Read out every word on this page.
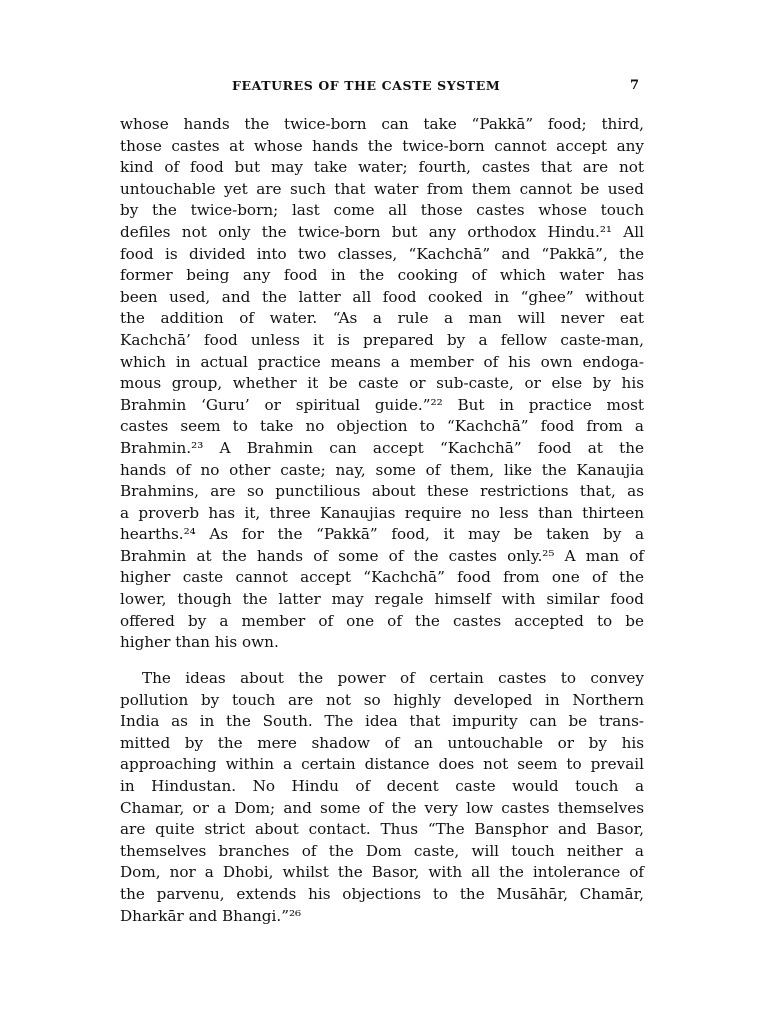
FEATURES OF THE CASTE SYSTEM	7
whose hands the twice-born can take “Pakkā” food; third,
those castes at whose hands the twice-born cannot accept any
kind of food but may take water; fourth, castes that are not
untouchable yet are such that water from them cannot be used
by the twice-born; last come all those castes whose touch
defiles not only the twice-born but any orthodox Hindu.²¹ All
food is divided into two classes, “Kachchā” and “Pakkā”, the
former being any food in the cooking of which water has
been used, and the latter all food cooked in “ghee” without
the addition of water. “As a rule a man will never eat
Kachchā’ food unless it is prepared by a fellow caste-man,
which in actual practice means a member of his own endoga-
mous group, whether it be caste or sub-caste, or else by his
Brahmin ‘Guru’ or spiritual guide.”²² But in practice most
castes seem to take no objection to “Kachchā” food from a
Brahmin.²³ A Brahmin can accept “Kachchā” food at the
hands of no other caste; nay, some of them, like the Kanaujia
Brahmins, are so punctilious about these restrictions that, as
a proverb has it, three Kanaujias require no less than thirteen
hearths.²⁴ As for the “Pakkā” food, it may be taken by a
Brahmin at the hands of some of the castes only.²⁵ A man of
higher caste cannot accept “Kachchā” food from one of the
lower, though the latter may regale himself with similar food
offered by a member of one of the castes accepted to be
higher than his own.
The ideas about the power of certain castes to convey
pollution by touch are not so highly developed in Northern
India as in the South. The idea that impurity can be trans-
mitted by the mere shadow of an untouchable or by his
approaching within a certain distance does not seem to prevail
in Hindustan. No Hindu of decent caste would touch a
Chamar, or a Dom; and some of the very low castes themselves
are quite strict about contact. Thus “The Bansphor and Basor,
themselves branches of the Dom caste, will touch neither a
Dom, nor a Dhobi, whilst the Basor, with all the intolerance of
the parvenu, extends his objections to the Musāhār, Chamār,
Dharkār and Bhangi.”²⁶
